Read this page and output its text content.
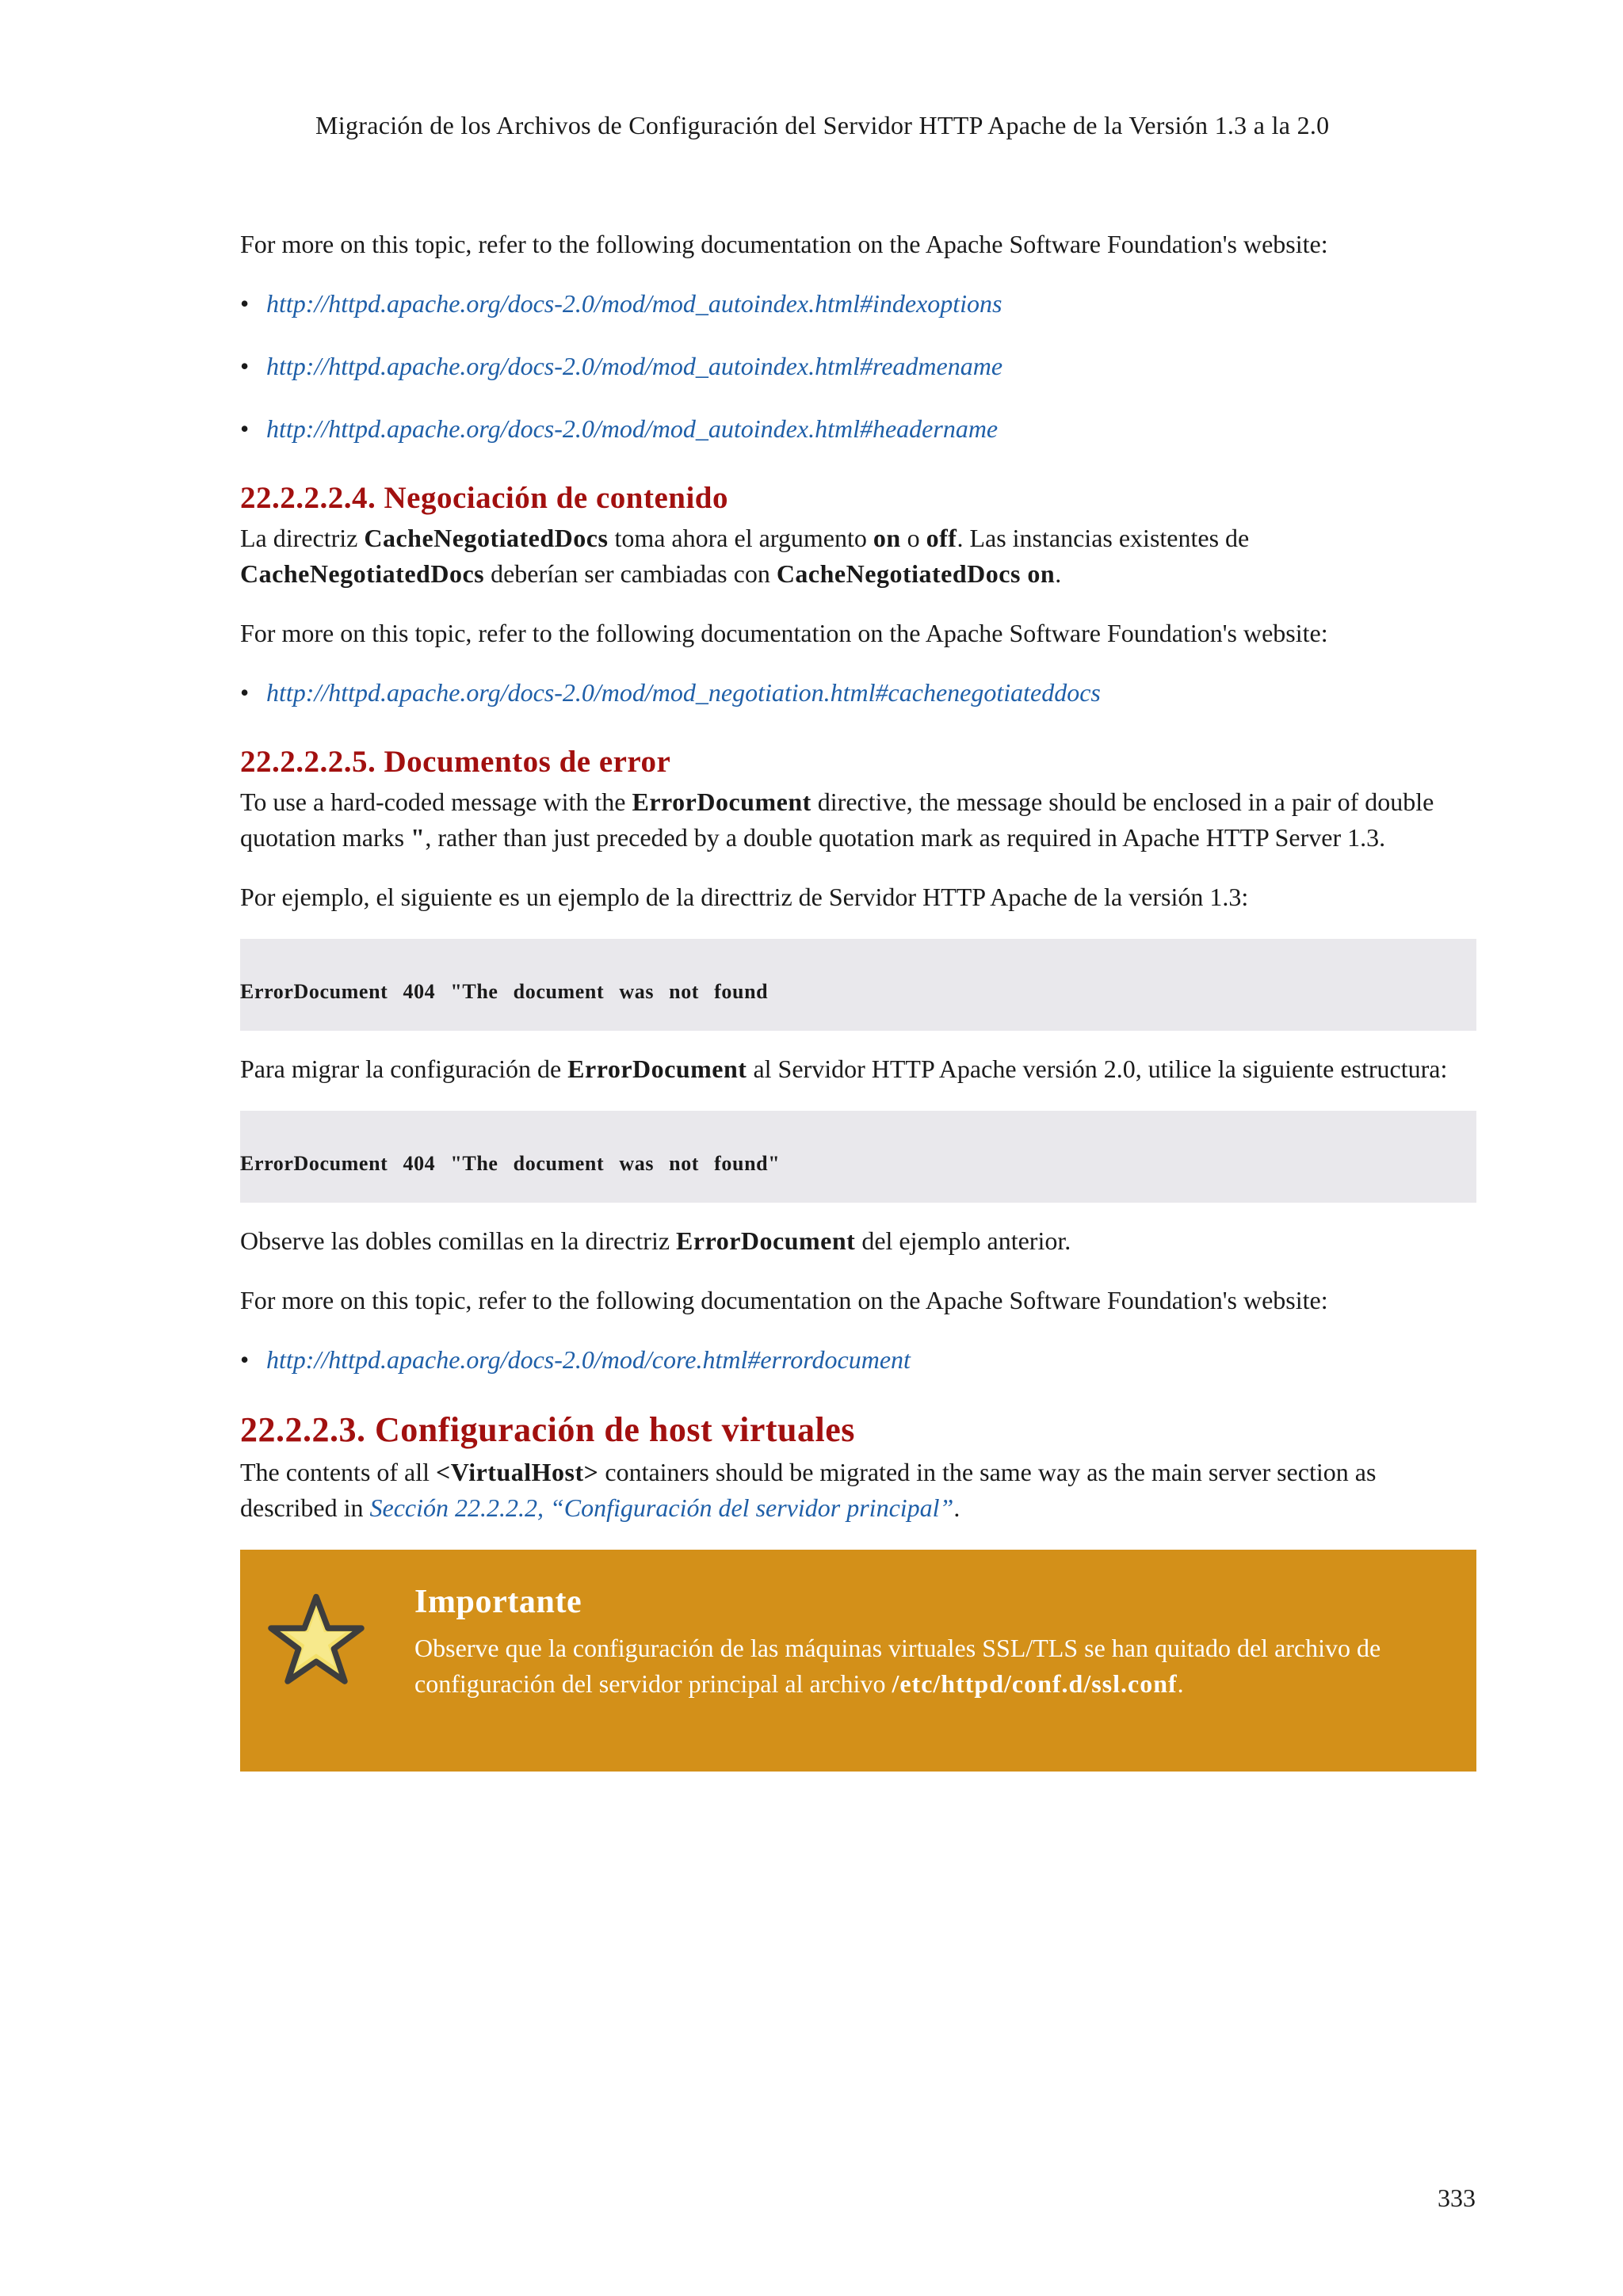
Migración de los Archivos de Configuración del Servidor HTTP Apache de la Versión 1.3 a la 2.0

For more on this topic, refer to the following documentation on the Apache Software Foundation's website:

• http://httpd.apache.org/docs-2.0/mod/mod_autoindex.html#indexoptions
• http://httpd.apache.org/docs-2.0/mod/mod_autoindex.html#readmename
• http://httpd.apache.org/docs-2.0/mod/mod_autoindex.html#headername
22.2.2.2.4. Negociación de contenido

La directriz CacheNegotiatedDocs toma ahora el argumento on o off. Las instancias existentes de CacheNegotiatedDocs deberían ser cambiadas con CacheNegotiatedDocs on.

For more on this topic, refer to the following documentation on the Apache Software Foundation's website:

• http://httpd.apache.org/docs-2.0/mod/mod_negotiation.html#cachenegotiateddocs
22.2.2.2.5. Documentos de error

To use a hard-coded message with the ErrorDocument directive, the message should be enclosed in a pair of double quotation marks ", rather than just preceded by a double quotation mark as required in Apache HTTP Server 1.3.

Por ejemplo, el siguiente es un ejemplo de la directtriz de Servidor HTTP Apache de la versión 1.3:

ErrorDocument 404 "The document was not found

Para migrar la configuración de ErrorDocument al Servidor HTTP Apache versión 2.0, utilice la siguiente estructura:

ErrorDocument 404 "The document was not found"

Observe las dobles comillas en la directriz ErrorDocument del ejemplo anterior.

For more on this topic, refer to the following documentation on the Apache Software Foundation's website:

• http://httpd.apache.org/docs-2.0/mod/core.html#errordocument
22.2.2.3. Configuración de host virtuales

The contents of all <VirtualHost> containers should be migrated in the same way as the main server section as described in Sección 22.2.2.2, “Configuración del servidor principal”.

Importante
Observe que la configuración de las máquinas virtuales SSL/TLS se han quitado del archivo de configuración del servidor principal al archivo /etc/httpd/conf.d/ssl.conf.
333
